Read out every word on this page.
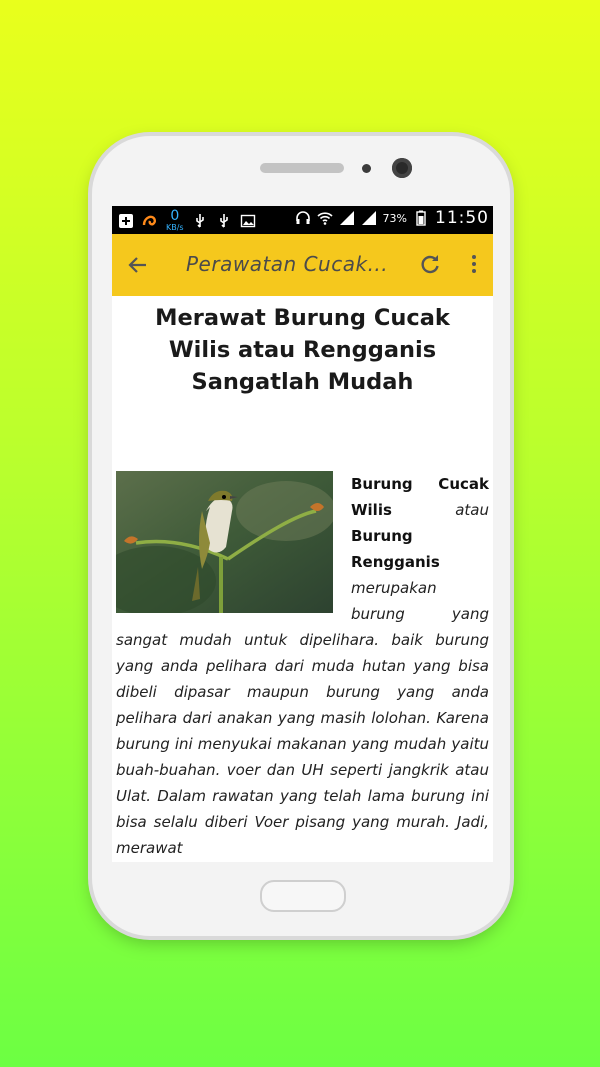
0
KB/s
73% 11:50
Perawatan Cucak...
Merawat Burung Cucak Wilis atau Rengganis Sangatlah Mudah
Burung Cucak Wilis atau Burung Rengganis merupakan burung yang sangat mudah untuk dipelihara. baik burung yang anda pelihara dari muda hutan yang bisa dibeli dipasar maupun burung yang anda pelihara dari anakan yang masih lolohan. Karena burung ini menyukai makanan yang mudah yaitu buah-buahan. voer dan UH seperti jangkrik atau Ulat. Dalam rawatan yang telah lama burung ini bisa selalu diberi Voer pisang yang murah. Jadi, merawat
